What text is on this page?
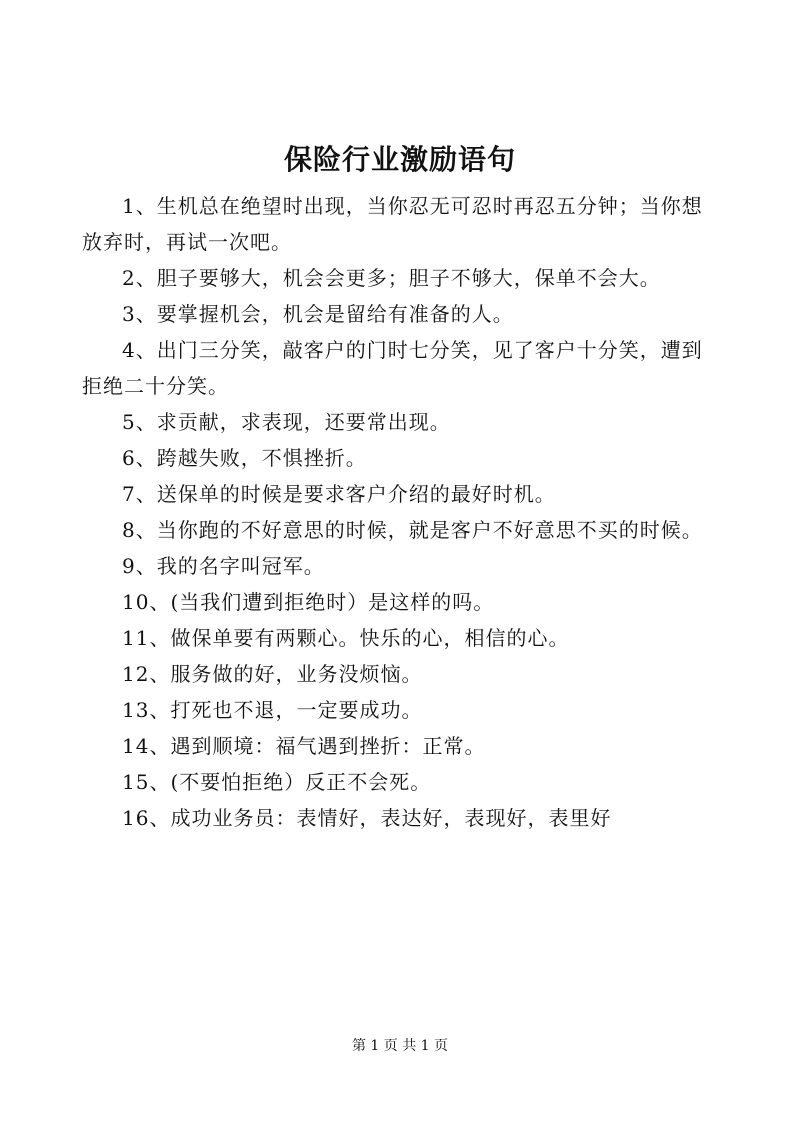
保险行业激励语句

1、生机总在绝望时出现，当你忍无可忍时再忍五分钟；当你想放弃时，再试一次吧。

2、胆子要够大，机会会更多；胆子不够大，保单不会大。

3、要掌握机会，机会是留给有准备的人。

4、出门三分笑，敲客户的门时七分笑，见了客户十分笑，遭到拒绝二十分笑。

5、求贡献，求表现，还要常出现。

6、跨越失败，不惧挫折。

7、送保单的时候是要求客户介绍的最好时机。

8、当你跑的不好意思的时候，就是客户不好意思不买的时候。

9、我的名字叫冠军。

10、(当我们遭到拒绝时）是这样的吗。

11、做保单要有两颗心。快乐的心，相信的心。

12、服务做的好，业务没烦恼。

13、打死也不退，一定要成功。

14、遇到顺境：福气遇到挫折：正常。

15、(不要怕拒绝）反正不会死。

16、成功业务员：表情好，表达好，表现好，表里好

第 1 页 共 1 页
